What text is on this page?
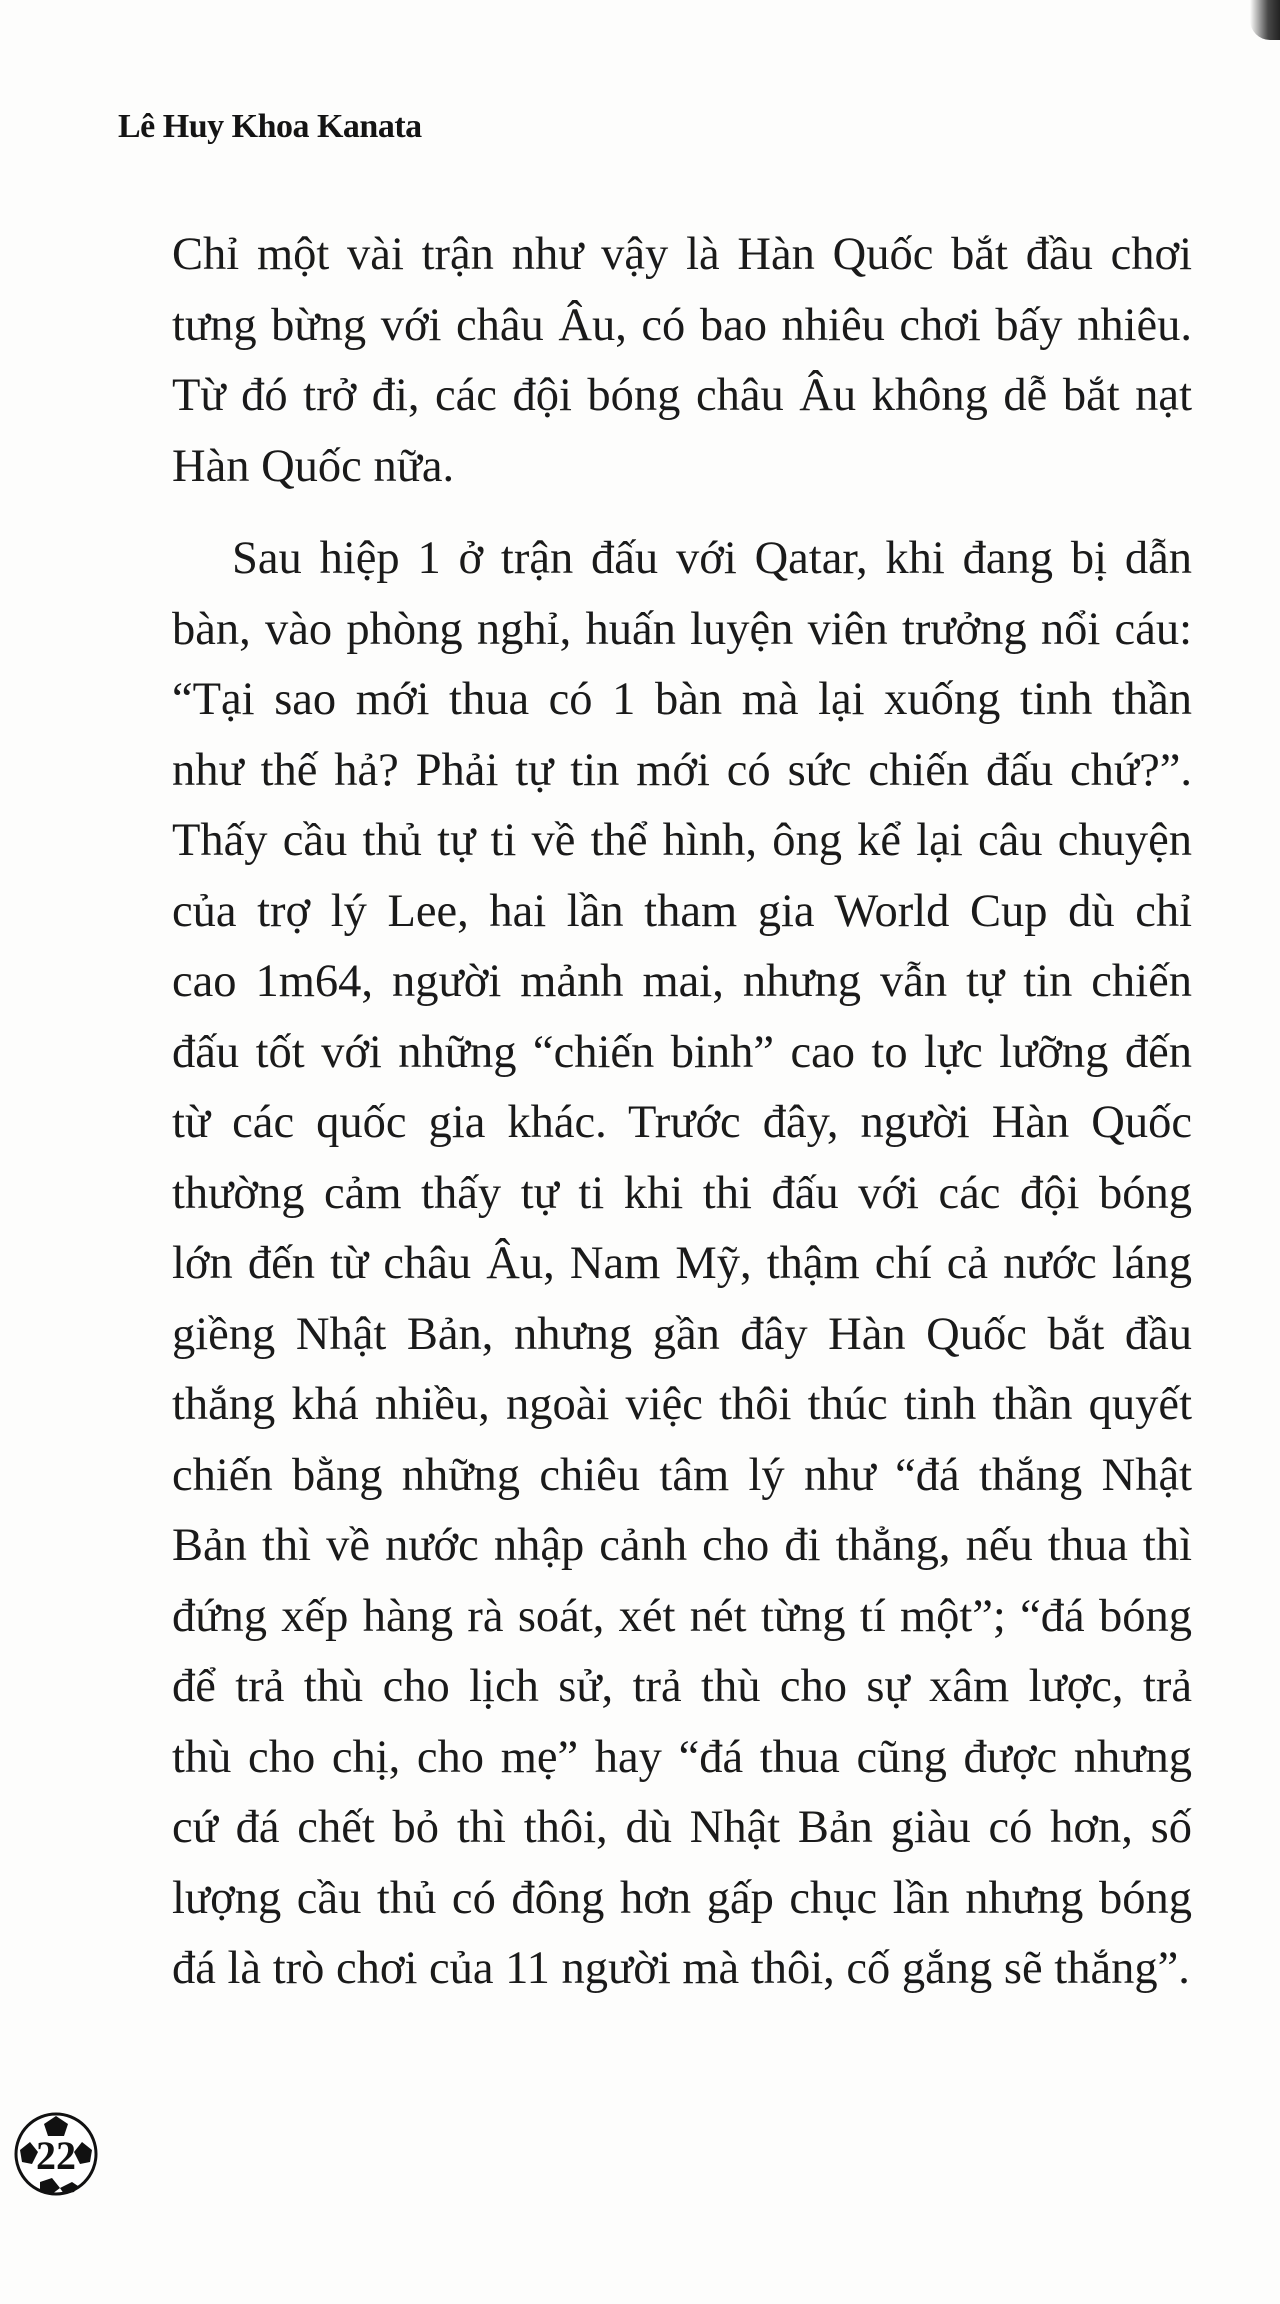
Lê Huy Khoa Kanata
Chỉ một vài trận như vậy là Hàn Quốc bắt đầu chơi
tưng bừng với châu Âu, có bao nhiêu chơi bấy nhiêu.
Từ đó trở đi, các đội bóng châu Âu không dễ bắt nạt
Hàn Quốc nữa.
Sau hiệp 1 ở trận đấu với Qatar, khi đang bị dẫn
bàn, vào phòng nghỉ, huấn luyện viên trưởng nổi cáu:
“Tại sao mới thua có 1 bàn mà lại xuống tinh thần
như thế hả? Phải tự tin mới có sức chiến đấu chứ?”.
Thấy cầu thủ tự ti về thể hình, ông kể lại câu chuyện
của trợ lý Lee, hai lần tham gia World Cup dù chỉ
cao 1m64, người mảnh mai, nhưng vẫn tự tin chiến
đấu tốt với những “chiến binh” cao to lực lưỡng đến
từ các quốc gia khác. Trước đây, người Hàn Quốc
thường cảm thấy tự ti khi thi đấu với các đội bóng
lớn đến từ châu Âu, Nam Mỹ, thậm chí cả nước láng
giềng Nhật Bản, nhưng gần đây Hàn Quốc bắt đầu
thắng khá nhiều, ngoài việc thôi thúc tinh thần quyết
chiến bằng những chiêu tâm lý như “đá thắng Nhật
Bản thì về nước nhập cảnh cho đi thẳng, nếu thua thì
đứng xếp hàng rà soát, xét nét từng tí một”; “đá bóng
để trả thù cho lịch sử, trả thù cho sự xâm lược, trả
thù cho chị, cho mẹ” hay “đá thua cũng được nhưng
cứ đá chết bỏ thì thôi, dù Nhật Bản giàu có hơn, số
lượng cầu thủ có đông hơn gấp chục lần nhưng bóng
đá là trò chơi của 11 người mà thôi, cố gắng sẽ thắng”.
22
